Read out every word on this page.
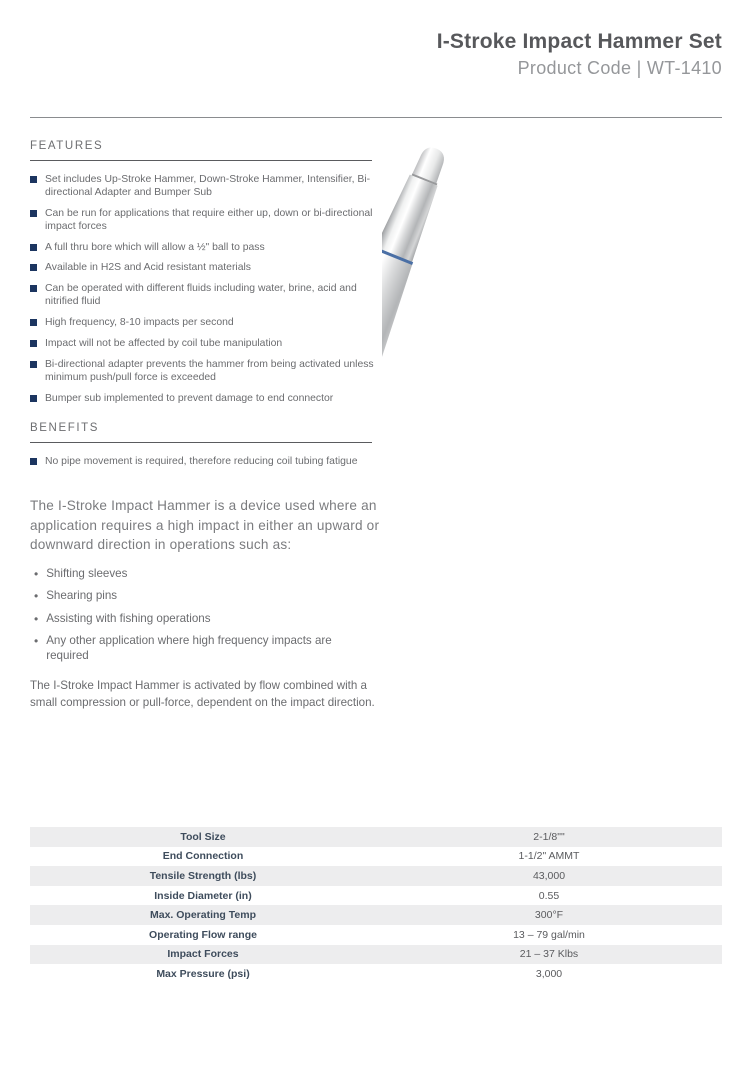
I-Stroke Impact Hammer Set
Product Code | WT-1410
FEATURES
Set includes Up-Stroke Hammer, Down-Stroke Hammer, Intensifier, Bi-directional Adapter and Bumper Sub
Can be run for applications that require either up, down or bi-directional impact forces
A full thru bore which will allow a ½" ball to pass
Available in H2S and Acid resistant materials
Can be operated with different fluids including water, brine, acid and nitrified fluid
High frequency, 8-10 impacts per second
Impact will not be affected by coil tube manipulation
Bi-directional adapter prevents the hammer from being activated unless minimum push/pull force is exceeded
Bumper sub implemented to prevent damage to end connector
BENEFITS
No pipe movement is required, therefore reducing coil tubing fatigue
The I-Stroke Impact Hammer is a device used where an application requires a high impact in either an upward or downward direction in operations such as:
• Shifting sleeves
• Shearing pins
• Assisting with fishing operations
• Any other application where high frequency impacts are required
The I-Stroke Impact Hammer is activated by flow combined with a small compression or pull-force, dependent on the impact direction.
Tool Size	2-1/8""
End Connection	1-1/2" AMMT
Tensile Strength (lbs)	43,000
Inside Diameter (in)	0.55
Max. Operating Temp	300°F
Operating Flow range	13 – 79 gal/min
Impact Forces	21 – 37 Klbs
Max Pressure (psi)	3,000
